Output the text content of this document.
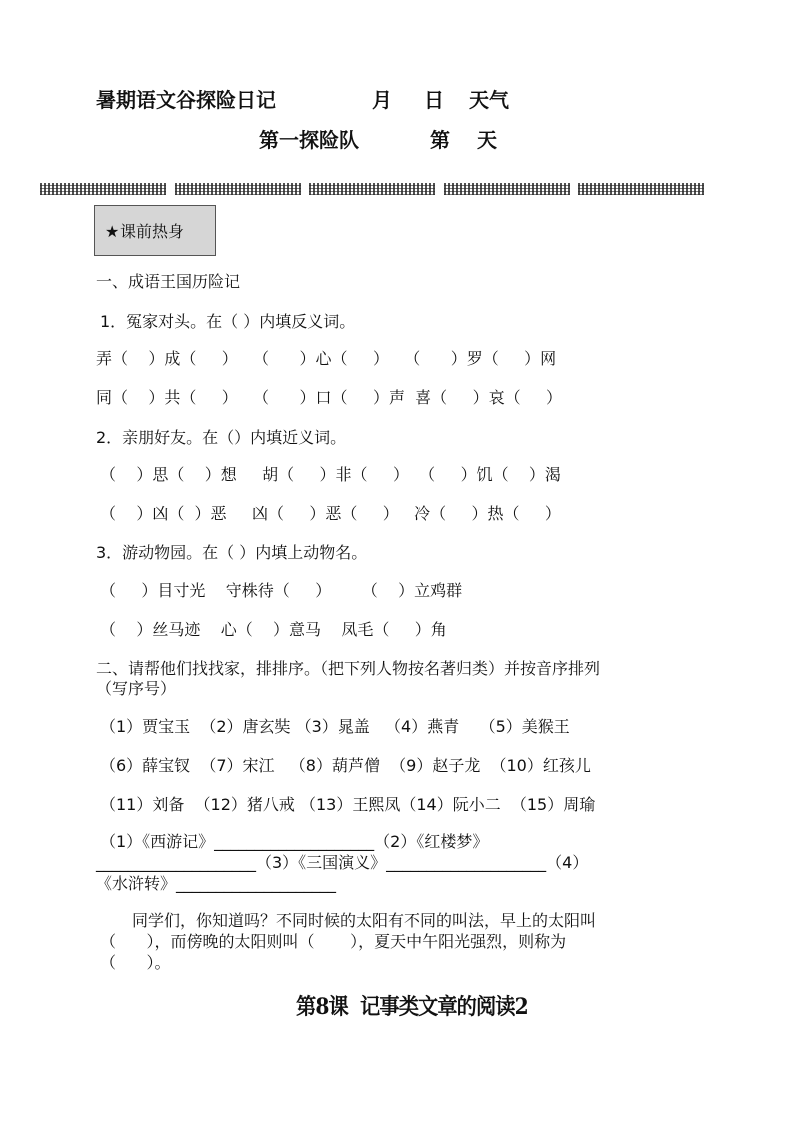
暑期语文谷探险日记	月 日 天气
第一探险队	第 天
★ 课前热身
一、成语王国历险记
1．冤家对头。在（ ）内填反义词。
弄（    ）成（     ）   （      ）心（     ）   （      ）罗（     ）网
同（    ）共（     ）   （      ）口（     ）声  喜（     ）哀（     ）
2．亲朋好友。在（）内填近义词。
（    ）思（    ）想     胡（     ）非（     ）  （     ）饥（    ）渴
（    ）凶（  ）恶     凶（     ）恶（     ）   冷（     ）热（     ）
3．游动物园。在（ ）内填上动物名。
（     ）目寸光    守株待（     ）      （    ）立鸡群
（    ）丝马迹    心（    ）意马    凤毛（     ）角
二、请帮他们找找家，排排序。（把下列人物按名著归类）并按音序排列
（写序号）
（1）贾宝玉  （2）唐玄奘 （3）晁盖   （4）燕青    （5）美猴王
（6）薛宝钗  （7）宋江   （8）葫芦僧  （9）赵子龙  （10）红孩儿
（11）刘备  （12）猪八戒 （13）王熙凤（14）阮小二  （15）周瑜
（1）《西游记》____________________（2）《红楼梦》
____________________（3）《三国演义》____________________（4）
《水浒转》____________________
同学们，你知道吗？不同时候的太阳有不同的叫法，早上的太阳叫
（      ），而傍晚的太阳则叫（       ），夏天中午阳光强烈，则称为
（      ）。
第8课  记事类文章的阅读2
